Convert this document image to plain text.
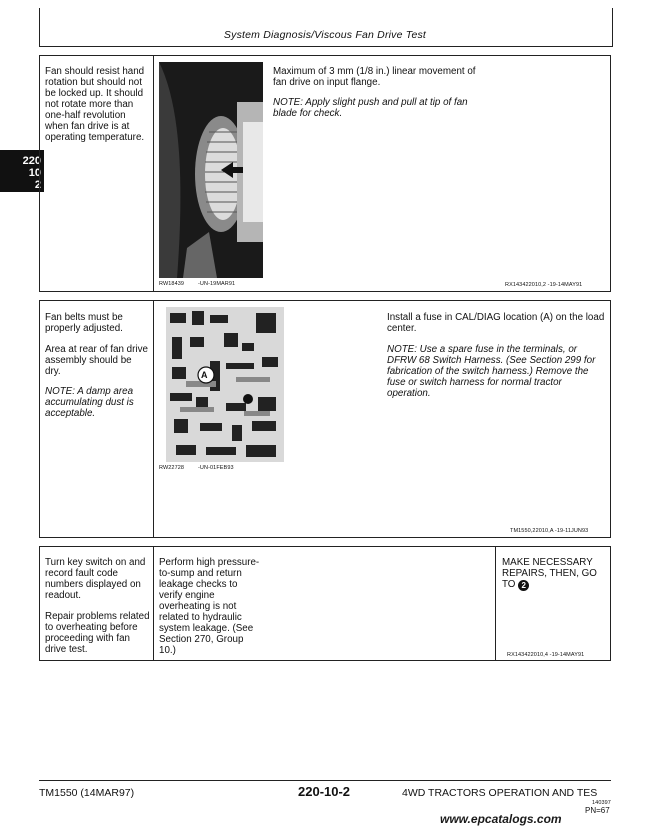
System Diagnosis/Viscous Fan Drive Test
220
10
2
Fan should resist hand rotation but should not be locked up. It should not rotate more than one-half revolution when fan drive is at operating temperature.
RW18439	-UN-19MAR91
Maximum of 3 mm (1/8 in.) linear movement of fan drive on input flange.
NOTE: Apply slight push and pull at tip of fan blade for check.
RX143422010,2 -19-14MAY91
Fan belts must be properly adjusted.
Area at rear of fan drive assembly should be dry.
NOTE: A damp area accumulating dust is acceptable.
A
RW22728	-UN-01FEB93
Install a fuse in CAL/DIAG location (A) on the load center.
NOTE: Use a spare fuse in the terminals, or DFRW 68 Switch Harness. (See Section 299 for fabrication of the switch harness.) Remove the fuse or switch harness for normal tractor operation.
TM1550,22010,A -19-11JUN93
Turn key switch on and record fault code numbers displayed on readout.
Repair problems related to overheating before proceeding with fan drive test.
Perform high pressure-to-sump and return leakage checks to verify engine overheating is not related to hydraulic system leakage. (See Section 270, Group 10.)
MAKE NECESSARY REPAIRS, THEN, GO TO 2
RX143422010,4 -19-14MAY91
TM1550 (14MAR97)	220-10-2	4WD TRACTORS OPERATION AND TES
140397
PN=67
www.epcatalogs.com
